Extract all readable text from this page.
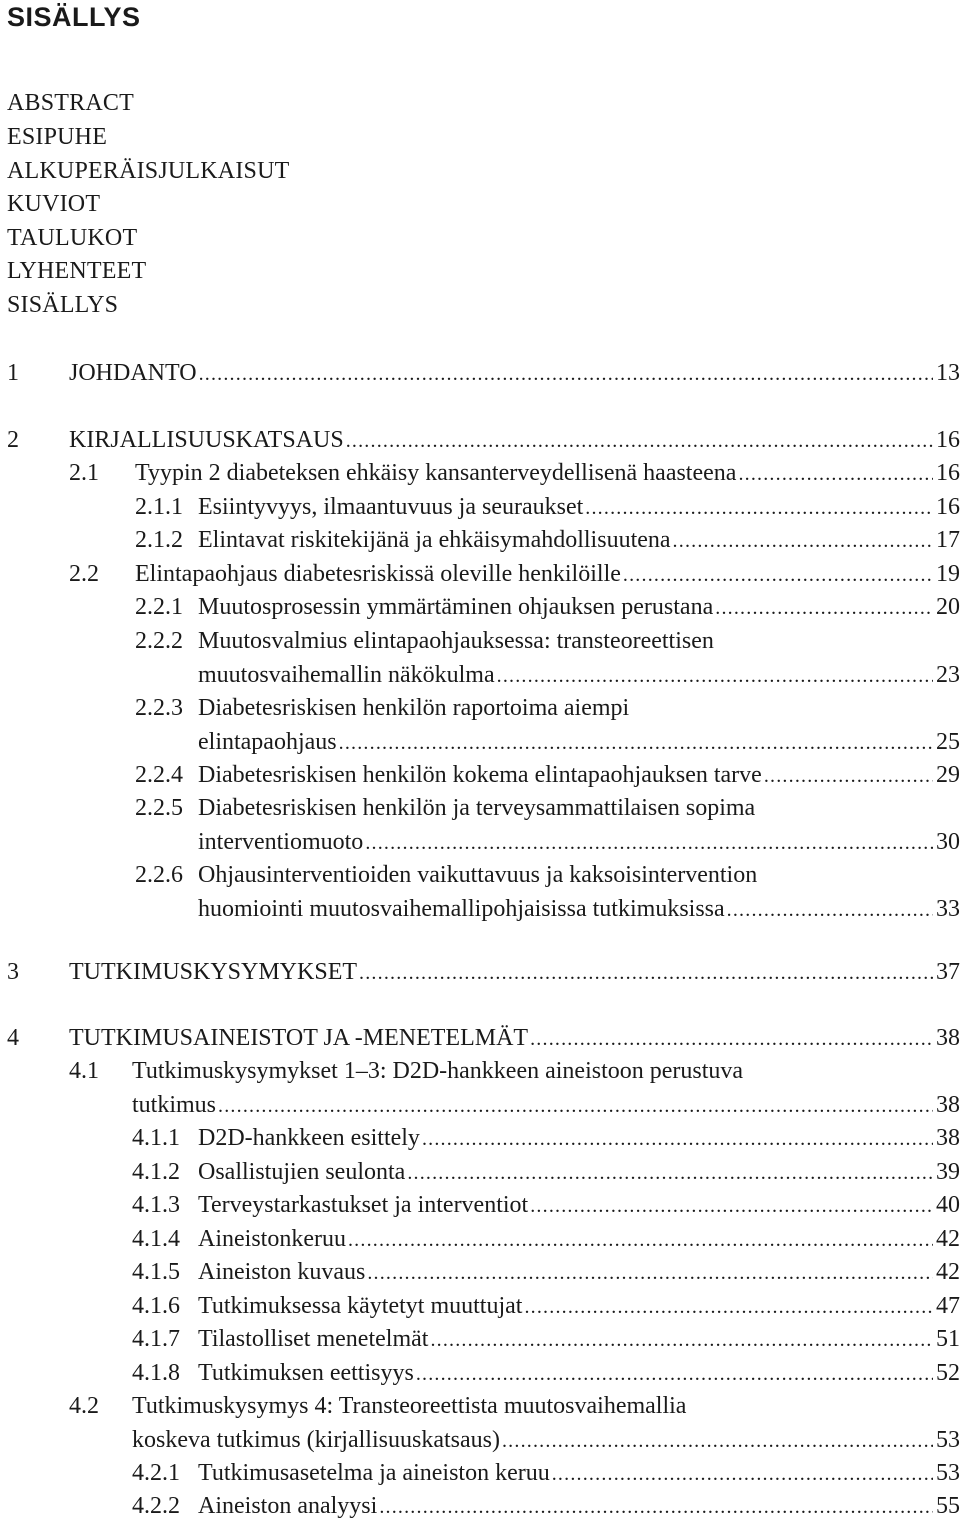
SISÄLLYS
ABSTRACT
ESIPUHE
ALKUPERÄISJULKAISUT
KUVIOT
TAULUKOT
LYHENTEET
SISÄLLYS
1 JOHDANTO .....	13
2 KIRJALLISUUSKATSAUS .....	16
2.1 Tyypin 2 diabeteksen ehkäisy kansanterveydellisenä haasteena .....	16
2.1.1 Esiintyvyys, ilmaantuvuus ja seuraukset .....	16
2.1.2 Elintavat riskitekijänä ja ehkäisymahdollisuutena .....	17
2.2 Elintapaohjaus diabetesriskissä oleville henkilöille .....	19
2.2.1 Muutosprosessin ymmärtäminen ohjauksen perustana .....	20
2.2.2 Muutosvalmius elintapaohjauksessa: transteoreettisen
muutosvaihemallin näkökulma .....	23
2.2.3 Diabetesriskisen henkilön raportoima aiempi
elintapaohjaus .....	25
2.2.4 Diabetesriskisen henkilön kokema elintapaohjauksen tarve .....	29
2.2.5 Diabetesriskisen henkilön ja terveysammattilaisen sopima
interventiomuoto .....	30
2.2.6 Ohjausinterventioiden vaikuttavuus ja kaksoisintervention
huomiointi muutosvaihemallipohjaisissa tutkimuksissa .....	33
3 TUTKIMUSKYSYMYKSET .....	37
4 TUTKIMUSAINEISTOT JA -MENETELMÄT .....	38
4.1 Tutkimuskysymykset 1–3: D2D-hankkeen aineistoon perustuva
tutkimus .....	38
4.1.1 D2D-hankkeen esittely .....	38
4.1.2 Osallistujien seulonta .....	39
4.1.3 Terveystarkastukset ja interventiot .....	40
4.1.4 Aineistonkeruu .....	42
4.1.5 Aineiston kuvaus .....	42
4.1.6 Tutkimuksessa käytetyt muuttujat .....	47
4.1.7 Tilastolliset menetelmät .....	51
4.1.8 Tutkimuksen eettisyys .....	52
4.2 Tutkimuskysymys 4: Transteoreettista muutosvaihemallia
koskeva tutkimus (kirjallisuuskatsaus) .....	53
4.2.1 Tutkimusasetelma ja aineiston keruu .....	53
4.2.2 Aineiston analyysi .....	55
